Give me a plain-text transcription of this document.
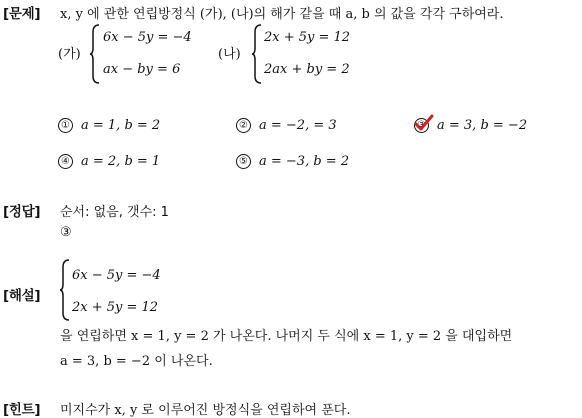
[문제] x, y 에 관한 연립방정식 (가), (나)의 해가 같을 때 a, b 의 값을 각각 구하여라.
(가)
6x − 5y = −4
ax − by = 6
(나)
2x + 5y = 12
2ax + by = 2
① a = 1, b = 2	② a = −2, = 3	③ a = 3, b = −2
④ a = 2, b = 1	⑤ a = −3, b = 2
[정답] 순서: 없음, 갯수: 1
③
[해설]
6x − 5y = −4
2x + 5y = 12
을 연립하면 x = 1, y = 2 가 나온다. 나머지 두 식에 x = 1, y = 2 을 대입하면
a = 3, b = −2 이 나온다.
[힌트] 미지수가 x, y 로 이루어진 방정식을 연립하여 푼다.
